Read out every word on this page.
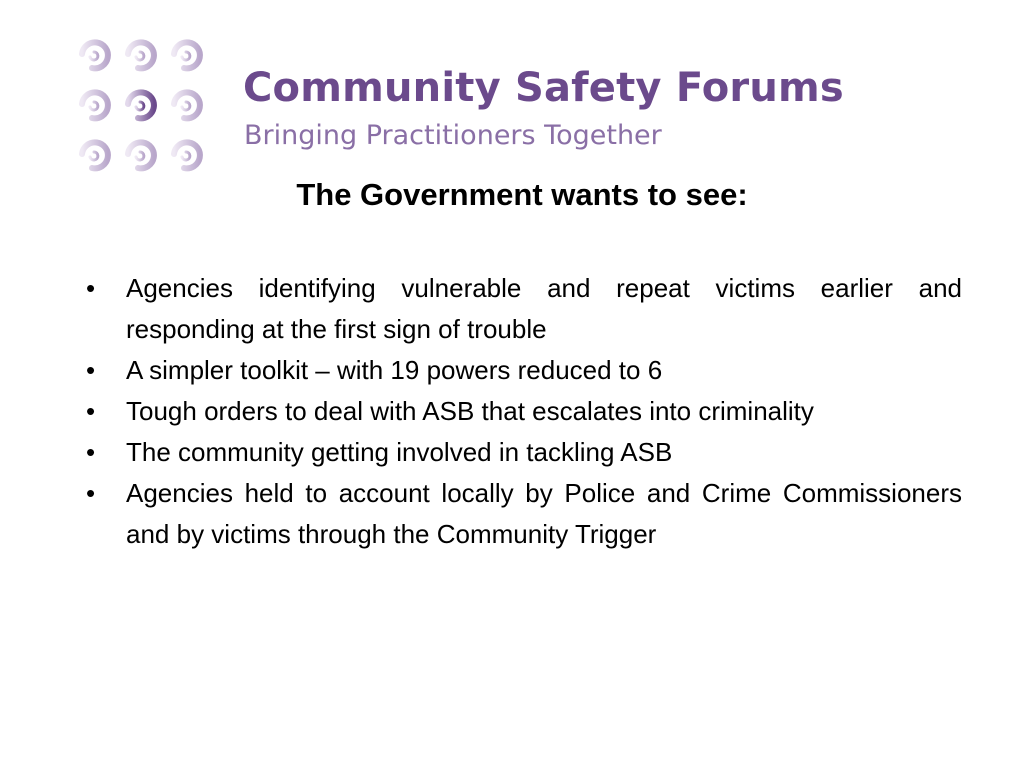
Community Safety Forums
Bringing Practitioners Together
The Government wants to see:
• Agencies identifying vulnerable and repeat victims earlier and responding at the first sign of trouble
• A simpler toolkit – with 19 powers reduced to 6
• Tough orders to deal with ASB that escalates into criminality
• The community getting involved in tackling ASB
• Agencies held to account locally by Police and Crime Commissioners and by victims through the Community Trigger
